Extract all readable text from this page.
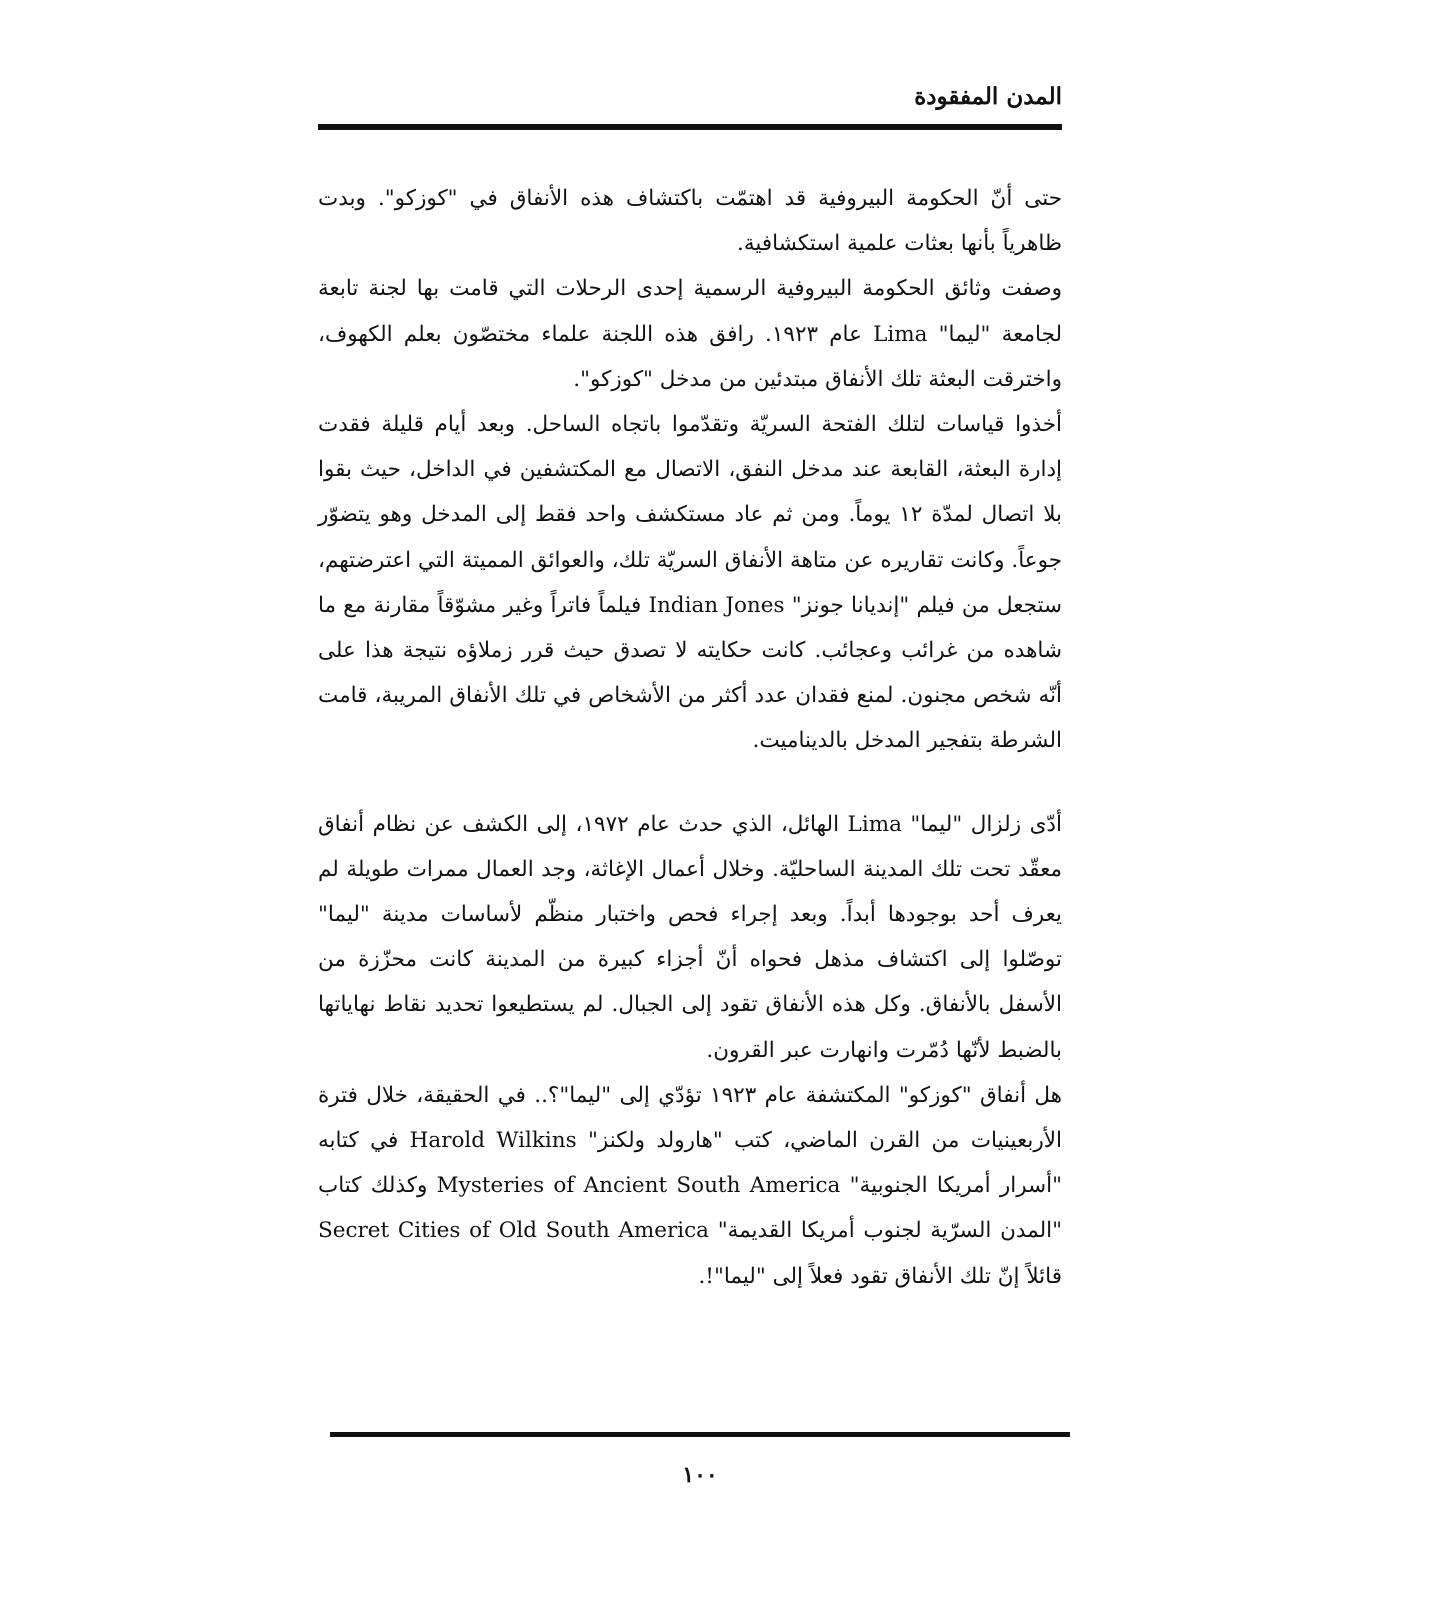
المدن المفقودة

حتى أنّ الحكومة البيروفية قد اهتمّت باكتشاف هذه الأنفاق في "كوزكو". وبدت ظاهرياً بأنها بعثات علمية استكشافية.

وصفت وثائق الحكومة البيروفية الرسمية إحدى الرحلات التي قامت بها لجنة تابعة لجامعة "ليما" Lima عام ١٩٢٣. رافق هذه اللجنة علماء مختصّون بعلم الكهوف، واخترقت البعثة تلك الأنفاق مبتدئين من مدخل "كوزكو".

أخذوا قياسات لتلك الفتحة السريّة وتقدّموا باتجاه الساحل. وبعد أيام قليلة فقدت إدارة البعثة، القابعة عند مدخل النفق، الاتصال مع المكتشفين في الداخل، حيث بقوا بلا اتصال لمدّة ١٢ يوماً. ومن ثم عاد مستكشف واحد فقط إلى المدخل وهو يتضوّر جوعاً. وكانت تقاريره عن متاهة الأنفاق السريّة تلك، والعوائق المميتة التي اعترضتهم، ستجعل من فيلم "إنديانا جونز" Indian Jones فيلماً فاتراً وغير مشوّقاً مقارنة مع ما شاهده من غرائب وعجائب. كانت حكايته لا تصدق حيث قرر زملاؤه نتيجة هذا على أنّه شخص مجنون. لمنع فقدان عدد أكثر من الأشخاص في تلك الأنفاق المريبة، قامت الشرطة بتفجير المدخل بالديناميت.

أدّى زلزال "ليما" Lima الهائل، الذي حدث عام ١٩٧٢، إلى الكشف عن نظام أنفاق معقّد تحت تلك المدينة الساحليّة. وخلال أعمال الإغاثة، وجد العمال ممرات طويلة لم يعرف أحد بوجودها أبداً. وبعد إجراء فحص واختبار منظّم لأساسات مدينة "ليما" توصّلوا إلى اكتشاف مذهل فحواه أنّ أجزاء كبيرة من المدينة كانت محزّزة من الأسفل بالأنفاق. وكل هذه الأنفاق تقود إلى الجبال. لم يستطيعوا تحديد نقاط نهاياتها بالضبط لأنّها دُمّرت وانهارت عبر القرون.

هل أنفاق "كوزكو" المكتشفة عام ١٩٢٣ تؤدّي إلى "ليما"؟.. في الحقيقة، خلال فترة الأربعينيات من القرن الماضي، كتب "هارولد ولكنز" Harold Wilkins في كتابه "أسرار أمريكا الجنوبية" Mysteries of Ancient South America وكذلك كتاب "المدن السرّية لجنوب أمريكا القديمة" Secret Cities of Old South America قائلاً إنّ تلك الأنفاق تقود فعلاً إلى "ليما"!.

١٠٠
